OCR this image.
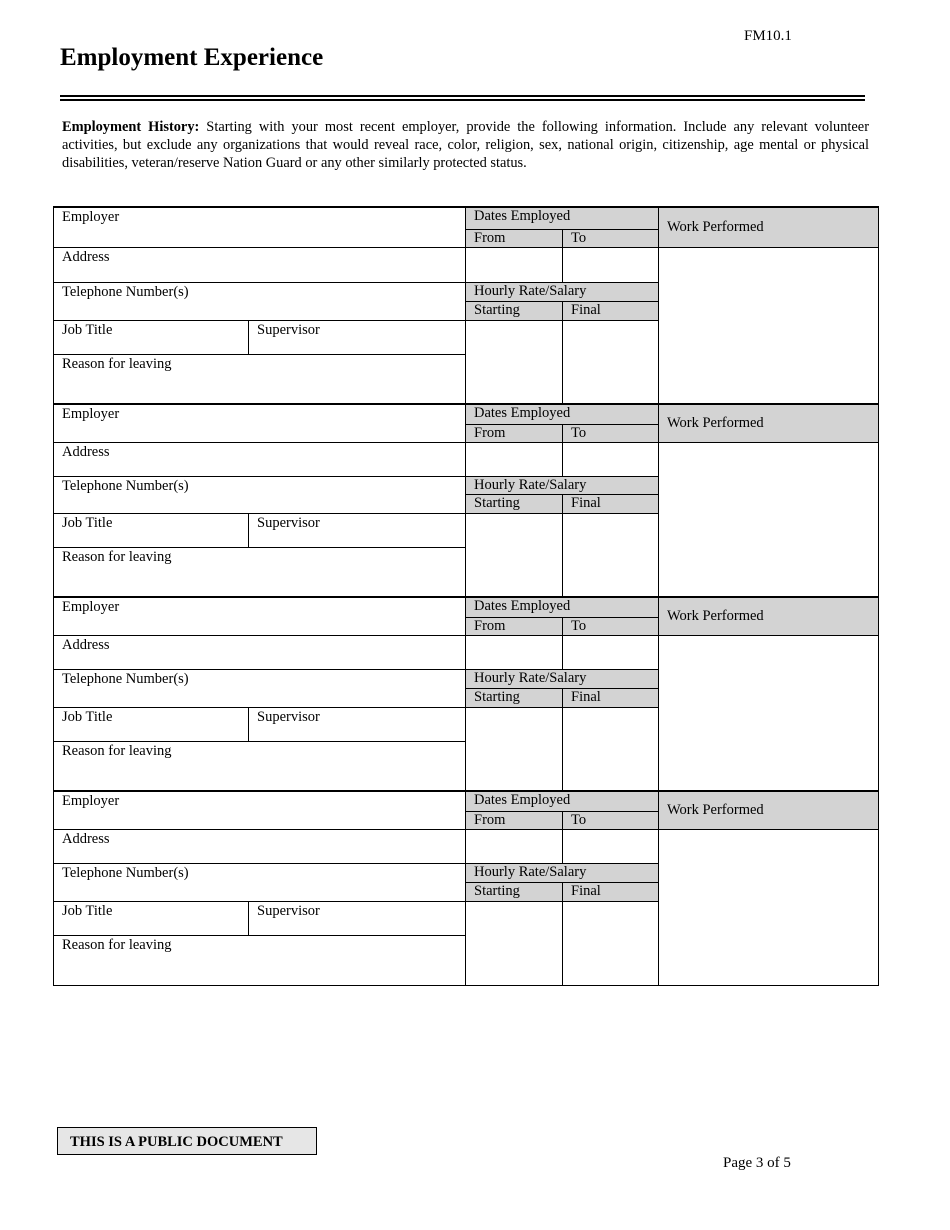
FM10.1
Employment Experience

Employment History: Starting with your most recent employer, provide the following information. Include any relevant volunteer activities, but exclude any organizations that would reveal race, color, religion, sex, national origin, citizenship, age mental or physical disabilities, veteran/reserve Nation Guard or any other similarly protected status.

Employer		Dates Employed		Work Performed
		From	To	
Address				
Telephone Number(s)		Hourly Rate/Salary		
		Starting	Final	
Job Title	Supervisor			
Reason for leaving				
Employer		Dates Employed		Work Performed
		From	To	
Address				
Telephone Number(s)		Hourly Rate/Salary		
		Starting	Final	
Job Title	Supervisor			
Reason for leaving				
Employer		Dates Employed		Work Performed
		From	To	
Address				
Telephone Number(s)		Hourly Rate/Salary		
		Starting	Final	
Job Title	Supervisor			
Reason for leaving				
Employer		Dates Employed		Work Performed
		From	To	
Address				
Telephone Number(s)		Hourly Rate/Salary		
		Starting	Final	
Job Title	Supervisor			
Reason for leaving				
THIS IS A PUBLIC DOCUMENT
Page 3 of 5
